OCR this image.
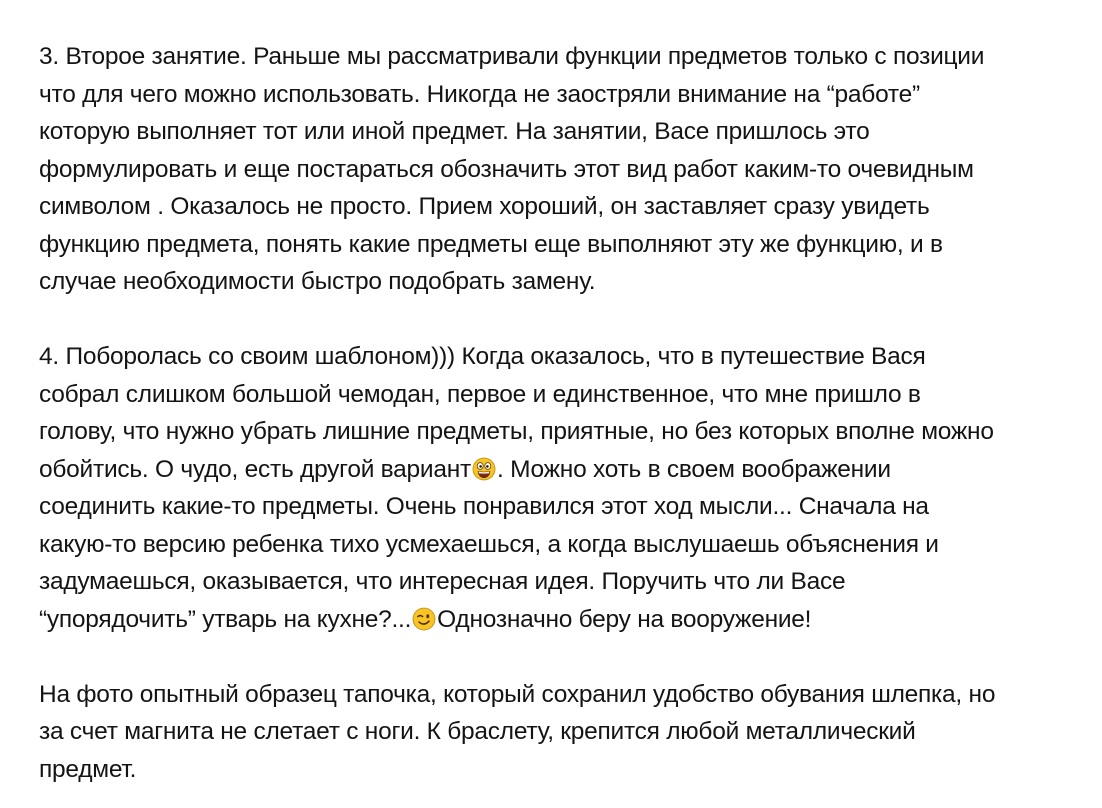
3. Второе занятие. Раньше мы рассматривали функции предметов только с позиции
что для чего можно использовать. Никогда не заостряли внимание на “работе”
которую выполняет тот или иной предмет. На занятии, Васе пришлось это
формулировать и еще постараться обозначить этот вид работ каким-то очевидным
символом . Оказалось не просто. Прием хороший, он заставляет сразу увидеть
функцию предмета, понять какие предметы еще выполняют эту же функцию, и в
случае необходимости быстро подобрать замену.
4. Поборолась со своим шаблоном))) Когда оказалось, что в путешествие Вася
собрал слишком большой чемодан, первое и единственное, что мне пришло в
голову, что нужно убрать лишние предметы, приятные, но без которых вполне можно
обойтись. О чудо, есть другой вариант . Можно хоть в своем воображении
соединить какие-то предметы. Очень понравился этот ход мысли... Сначала на
какую-то версию ребенка тихо усмехаешься, а когда выслушаешь объяснения и
задумаешься, оказывается, что интересная идея. Поручить что ли Васе
“упорядочить” утварь на кухне?... Однозначно беру на вооружение!
На фото опытный образец тапочка, который сохранил удобство обувания шлепка, но
за счет магнита не слетает с ноги. К браслету, крепится любой металлический
предмет.
